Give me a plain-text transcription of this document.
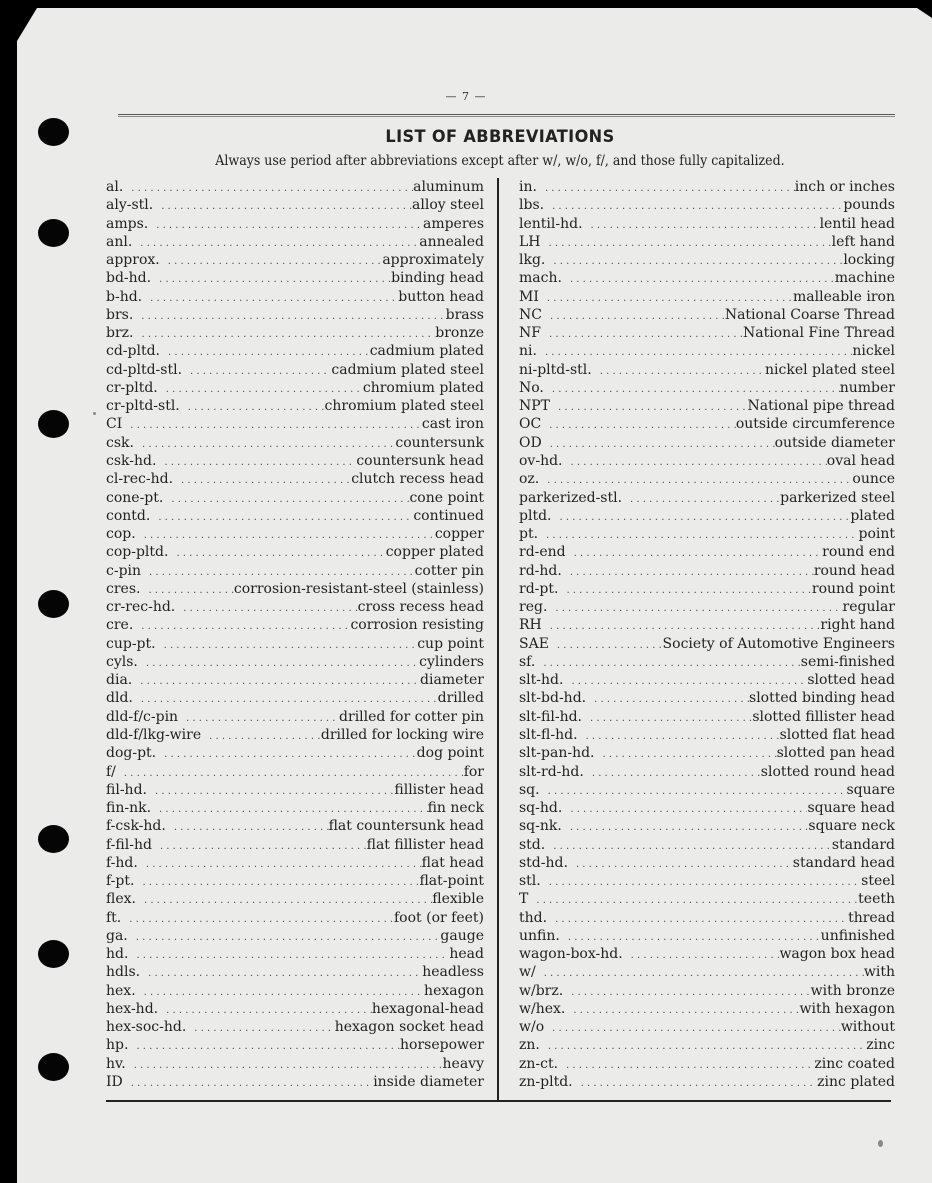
— 7 —
LIST OF ABBREVIATIONS
Always use period after abbreviations except after w/, w/o, f/, and those fully capitalized.
al. . . .	aluminum
aly-stl. . . .	alloy steel
amps. . . .	amperes
anl. . . .	annealed
approx. . . .	approximately
bd-hd. . . .	binding head
b-hd. . . .	button head
brs. . . .	brass
brz. . . .	bronze
cd-pltd. . . .	cadmium plated
cd-pltd-stl. . . .	cadmium plated steel
cr-pltd. . . .	chromium plated
cr-pltd-stl. . . .	chromium plated steel
CI . . .	cast iron
csk. . . .	countersunk
csk-hd. . . .	countersunk head
cl-rec-hd. . . .	clutch recess head
cone-pt. . . .	cone point
contd. . . .	continued
cop. . . .	copper
cop-pltd. . . .	copper plated
c-pin . . .	cotter pin
cres. . . .	corrosion-resistant-steel (stainless)
cr-rec-hd. . . .	cross recess head
cre. . . .	corrosion resisting
cup-pt. . . .	cup point
cyls. . . .	cylinders
dia. . . .	diameter
dld. . . .	drilled
dld-f/c-pin . . .	drilled for cotter pin
dld-f/lkg-wire . . .	drilled for locking wire
dog-pt. . . .	dog point
f/ . . .	for
fil-hd. . . .	fillister head
fin-nk. . . .	fin neck
f-csk-hd. . . .	flat countersunk head
f-fil-hd . . .	flat fillister head
f-hd. . . .	flat head
f-pt. . . .	flat-point
flex. . . .	flexible
ft. . . .	foot (or feet)
ga. . . .	gauge
hd. . . .	head
hdls. . . .	headless
hex. . . .	hexagon
hex-hd. . . .	hexagonal-head
hex-soc-hd. . . .	hexagon socket head
hp. . . .	horsepower
hv. . . .	heavy
ID . . .	inside diameter
in. . . .	inch or inches
lbs. . . .	pounds
lentil-hd. . . .	lentil head
LH . . .	left hand
lkg. . . .	locking
mach. . . .	machine
MI . . .	malleable iron
NC . . .	National Coarse Thread
NF . . .	National Fine Thread
ni. . . .	nickel
ni-pltd-stl. . . .	nickel plated steel
No. . . .	number
NPT . . .	National pipe thread
OC . . .	outside circumference
OD . . .	outside diameter
ov-hd. . . .	oval head
oz. . . .	ounce
parkerized-stl. . . .	parkerized steel
pltd. . . .	plated
pt. . . .	point
rd-end . . .	round end
rd-hd. . . .	round head
rd-pt. . . .	round point
reg. . . .	regular
RH . . .	right hand
SAE . . .	Society of Automotive Engineers
sf. . . .	semi-finished
slt-hd. . . .	slotted head
slt-bd-hd. . . .	slotted binding head
slt-fil-hd. . . .	slotted fillister head
slt-fl-hd. . . .	slotted flat head
slt-pan-hd. . . .	slotted pan head
slt-rd-hd. . . .	slotted round head
sq. . . .	square
sq-hd. . . .	square head
sq-nk. . . .	square neck
std. . . .	standard
std-hd. . . .	standard head
stl. . . .	steel
T . . .	teeth
thd. . . .	thread
unfin. . . .	unfinished
wagon-box-hd. . . .	wagon box head
w/ . . .	with
w/brz. . . .	with bronze
w/hex. . . .	with hexagon
w/o . . .	without
zn. . . .	zinc
zn-ct. . . .	zinc coated
zn-pltd. . . .	zinc plated
